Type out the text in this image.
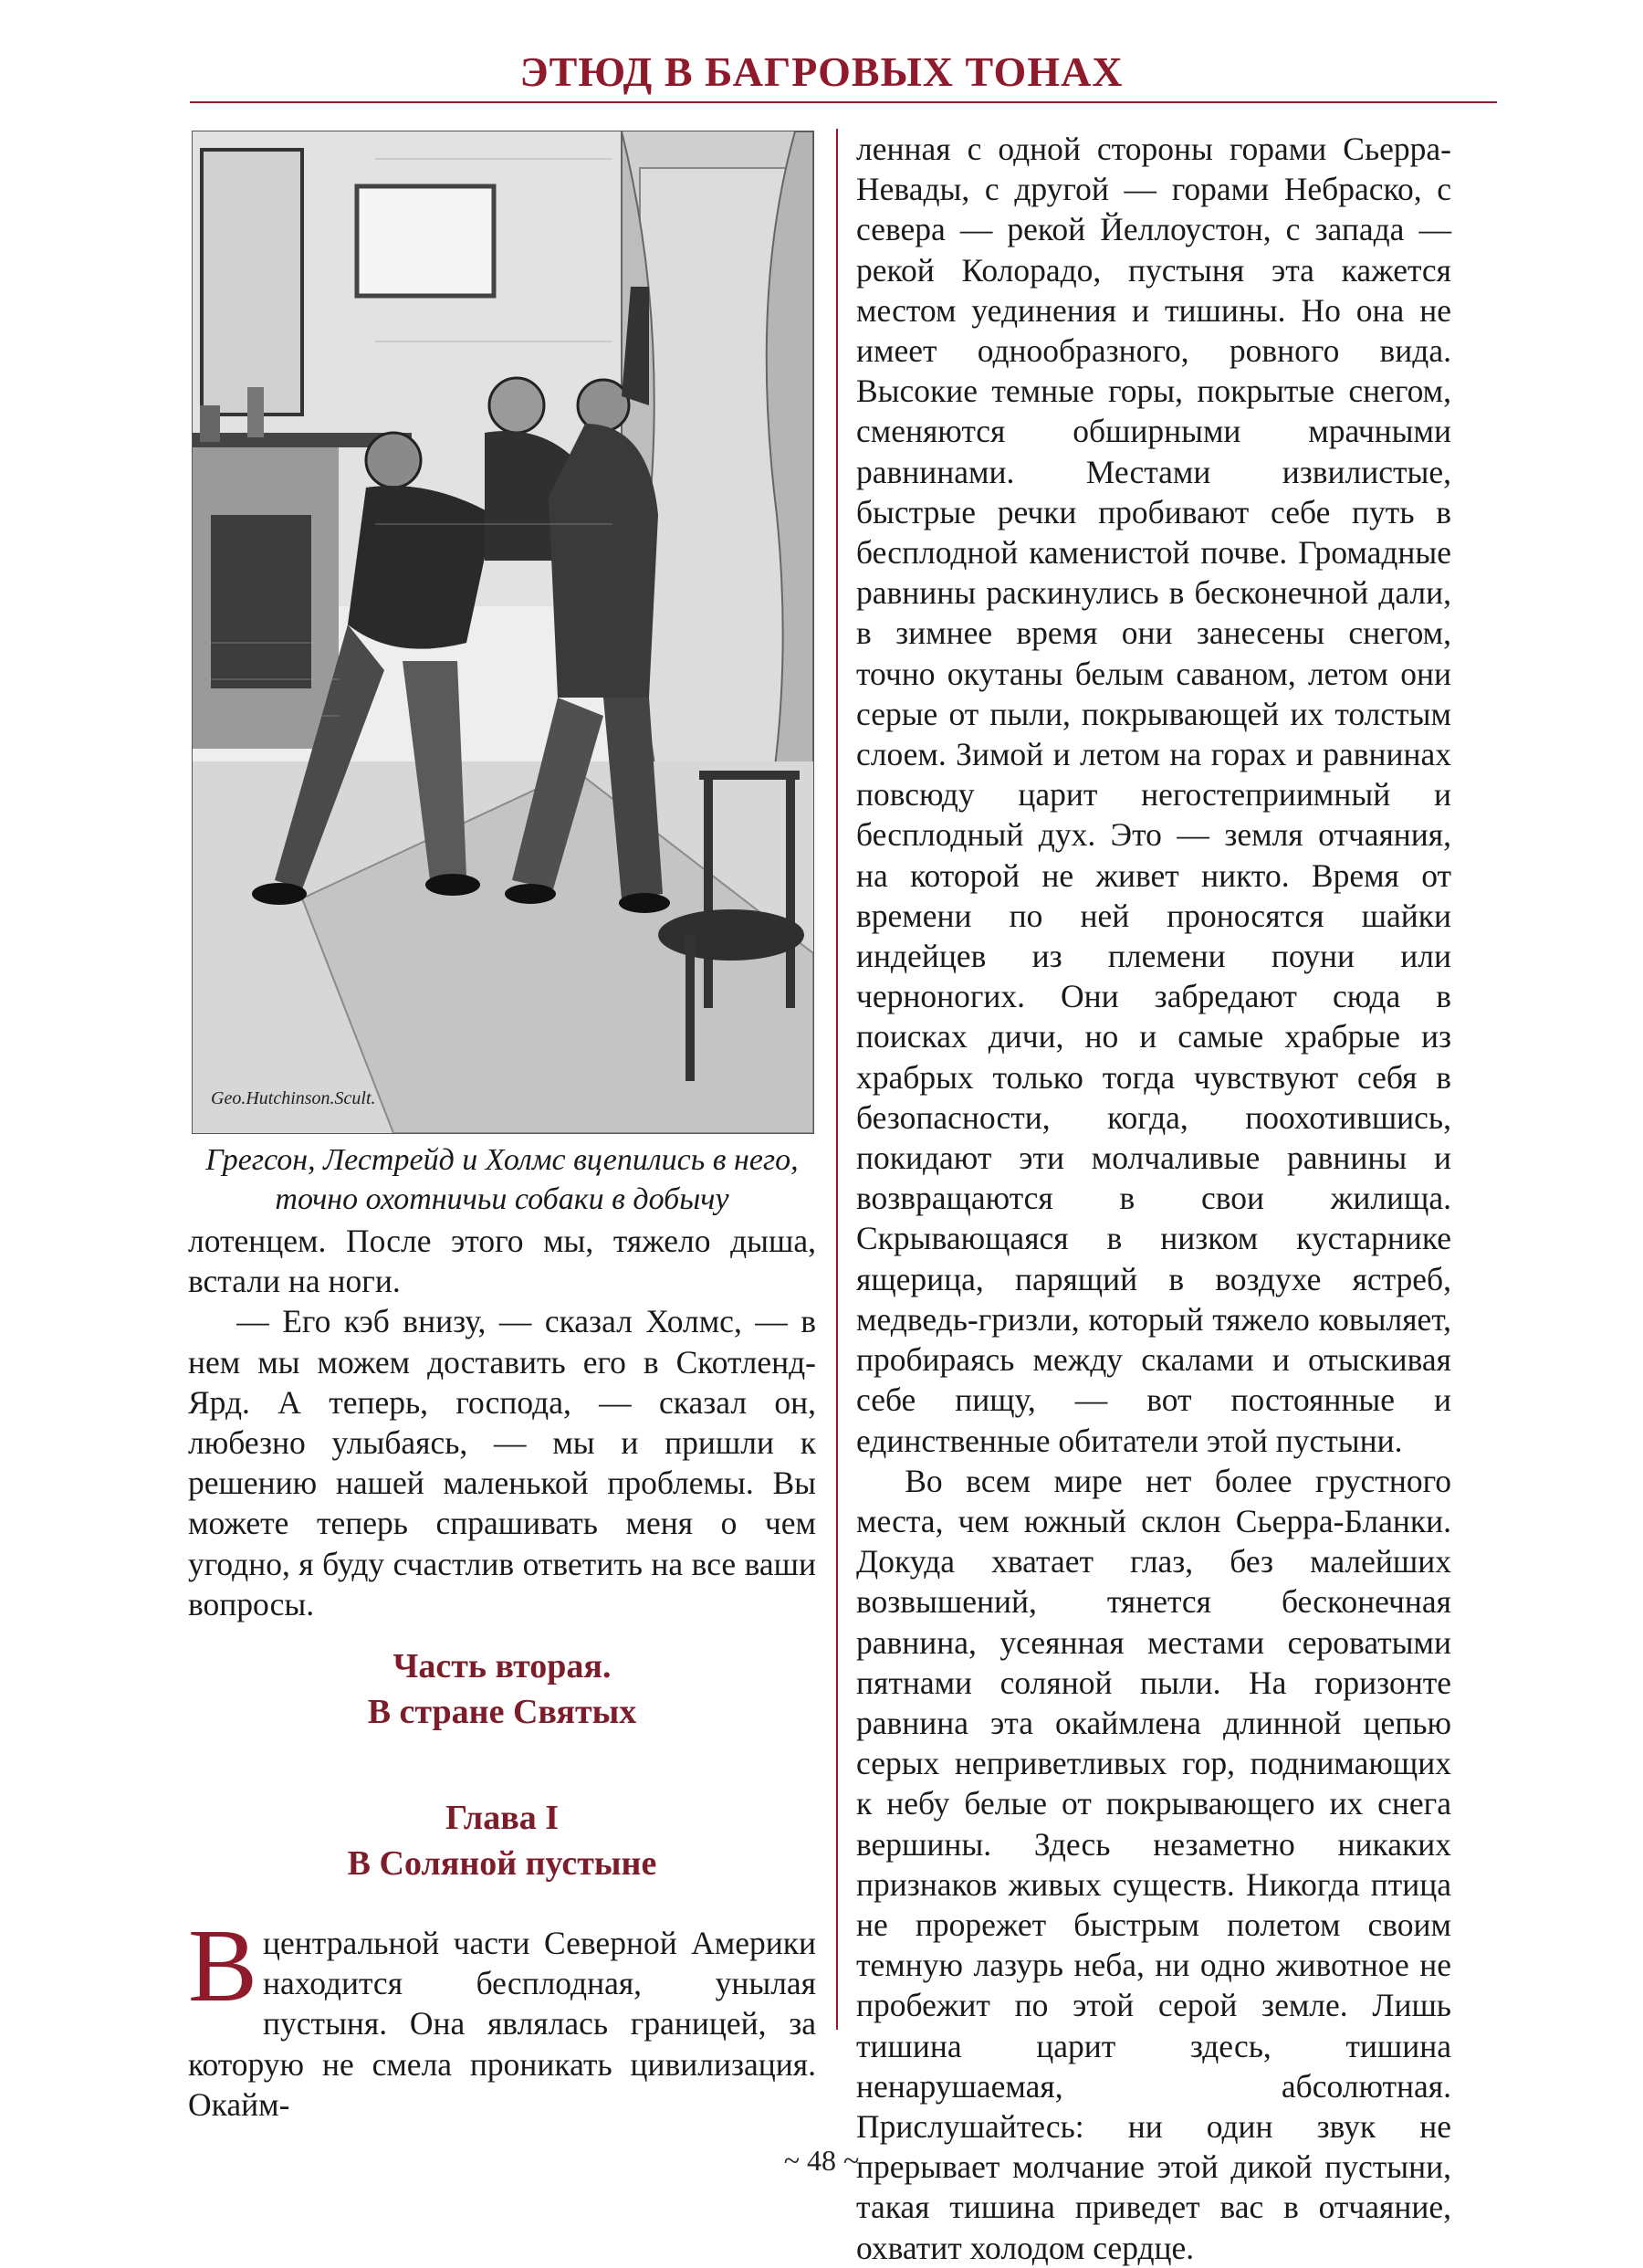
ЭТЮД В БАГРОВЫХ ТОНАХ
Geo.Hutchinson.Scult.
Грегсон, Лестрейд и Холмс вцепились в него,
точно охотничьи собаки в добычу

лотенцем. После этого мы, тяжело дыша, встали на ноги.

— Его кэб внизу, — сказал Холмс, — в нем мы можем доставить его в Скотленд-Ярд. А теперь, господа, — сказал он, любезно улыбаясь, — мы и пришли к решению нашей маленькой проблемы. Вы можете теперь спрашивать меня о чем угодно, я буду счастлив ответить на все ваши вопросы.

Часть вторая.
В стране Святых
Глава I
В Соляной пустыне
Вцентральной части Северной Америки находится бесплодная, унылая пустыня. Она являлась границей, за которую не смела проникать цивилизация. Окайм-

ленная с одной стороны горами Сьерра-Невады, с другой — горами Небраско, с севера — рекой Йеллоустон, с запада — рекой Колорадо, пустыня эта кажется местом уединения и тишины. Но она не имеет однообразного, ровного вида. Высокие темные горы, покрытые снегом, сменяются обширными мрачными равнинами. Местами извилистые, быстрые речки пробивают себе путь в бесплодной каменистой почве. Громадные равнины раскинулись в бесконечной дали, в зимнее время они занесены снегом, точно окутаны белым саваном, летом они серые от пыли, покрывающей их толстым слоем. Зимой и летом на горах и равнинах повсюду царит негостеприимный и бесплодный дух. Это — земля отчаяния, на которой не живет никто. Время от времени по ней проносятся шайки индейцев из племени поуни или черноногих. Они забредают сюда в поисках дичи, но и самые храбрые из храбрых только тогда чувствуют себя в безопасности, когда, поохотившись, покидают эти молчаливые равнины и возвращаются в свои жилища. Скрывающаяся в низком кустарнике ящерица, парящий в воздухе ястреб, медведь-гризли, который тяжело ковыляет, пробираясь между скалами и отыскивая себе пищу, — вот постоянные и единственные обитатели этой пустыни.

Во всем мире нет более грустного места, чем южный склон Сьерра-Бланки. Докуда хватает глаз, без малейших возвышений, тянется бесконечная равнина, усеянная местами сероватыми пятнами соляной пыли. На горизонте равнина эта окаймлена длинной цепью серых неприветливых гор, поднимающих к небу белые от покрывающего их снега вершины. Здесь незаметно никаких признаков живых существ. Никогда птица не прорежет быстрым полетом своим темную лазурь неба, ни одно животное не пробежит по этой серой земле. Лишь тишина царит здесь, тишина ненарушаемая, абсолютная. Прислушайтесь: ни один звук не прерывает молчание этой дикой пустыни, такая тишина приведет вас в отчаяние, охватит холодом сердце.

~ 48 ~
